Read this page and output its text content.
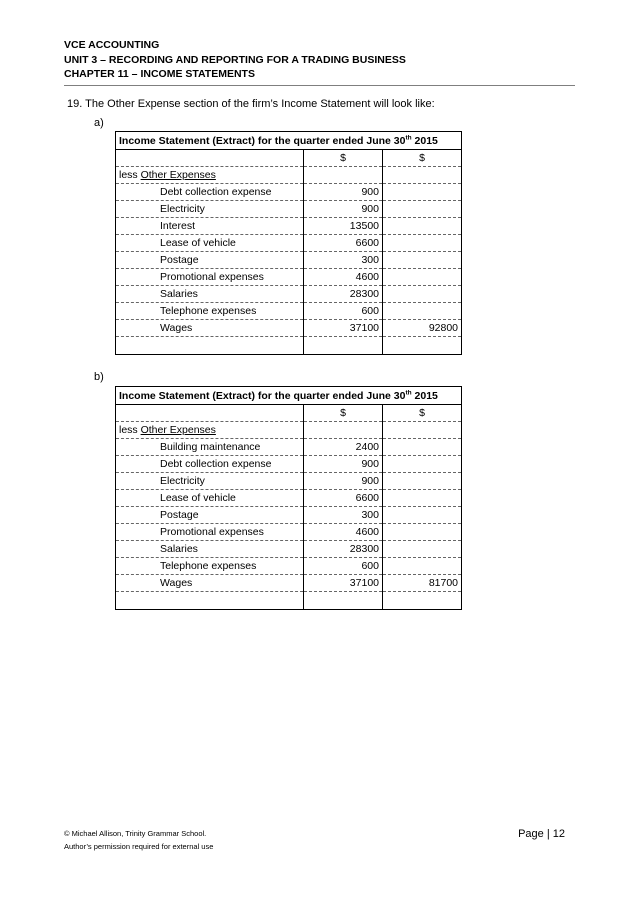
VCE ACCOUNTING
UNIT 3 – RECORDING AND REPORTING FOR A TRADING BUSINESS
CHAPTER 11 – INCOME STATEMENTS
19. The Other Expense section of the firm’s Income Statement will look like:
a)
Income Statement (Extract) for the quarter ended June 30th 2015		
	$	$
less Other Expenses		
Debt collection expense	900	
Electricity	900	
Interest	13500	
Lease of vehicle	6600	
Postage	300	
Promotional expenses	4600	
Salaries	28300	
Telephone expenses	600	
Wages	37100	92800

b)
Income Statement (Extract) for the quarter ended June 30th 2015		
	$	$
less Other Expenses		
Building maintenance	2400	
Debt collection expense	900	
Electricity	900	
Lease of vehicle	6600	
Postage	300	
Promotional expenses	4600	
Salaries	28300	
Telephone expenses	600	
Wages	37100	81700

© Michael Allison, Trinity Grammar School.
Author’s permission required for external use
Page | 12
